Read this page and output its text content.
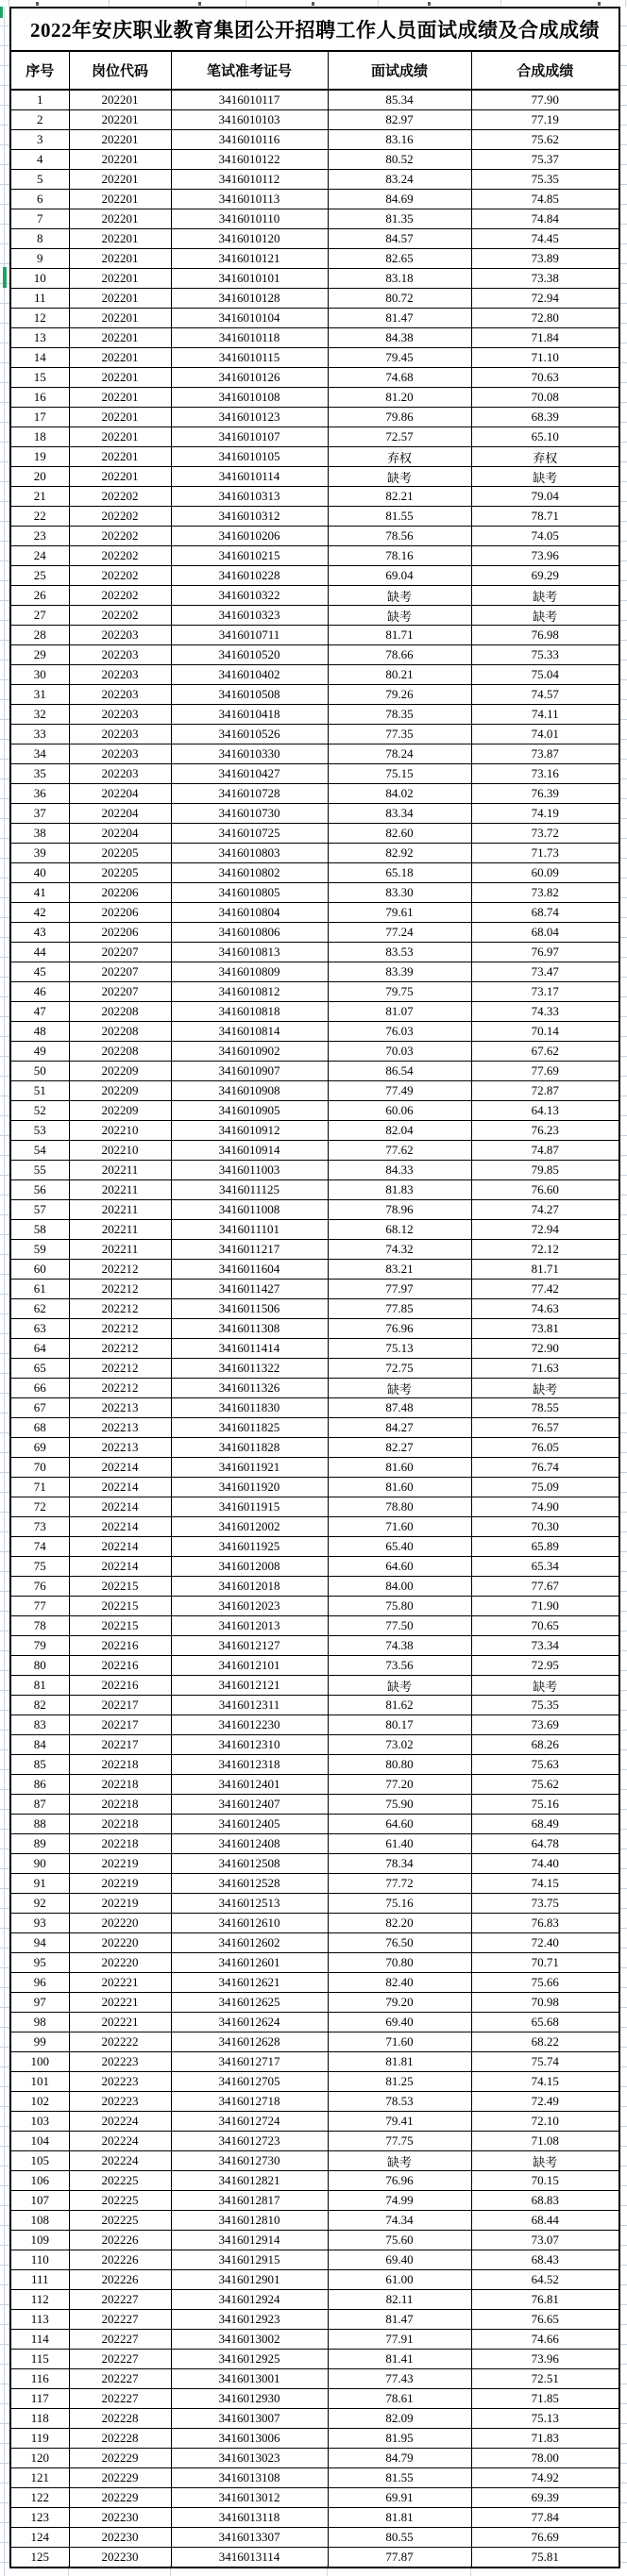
2022年安庆职业教育集团公开招聘工作人员面试成绩及合成成绩				
序号	岗位代码	笔试准考证号	面试成绩	合成成绩
1	202201	3416010117	85.34	77.90
2	202201	3416010103	82.97	77.19
3	202201	3416010116	83.16	75.62
4	202201	3416010122	80.52	75.37
5	202201	3416010112	83.24	75.35
6	202201	3416010113	84.69	74.85
7	202201	3416010110	81.35	74.84
8	202201	3416010120	84.57	74.45
9	202201	3416010121	82.65	73.89
10	202201	3416010101	83.18	73.38
11	202201	3416010128	80.72	72.94
12	202201	3416010104	81.47	72.80
13	202201	3416010118	84.38	71.84
14	202201	3416010115	79.45	71.10
15	202201	3416010126	74.68	70.63
16	202201	3416010108	81.20	70.08
17	202201	3416010123	79.86	68.39
18	202201	3416010107	72.57	65.10
19	202201	3416010105	弃权	弃权
20	202201	3416010114	缺考	缺考
21	202202	3416010313	82.21	79.04
22	202202	3416010312	81.55	78.71
23	202202	3416010206	78.56	74.05
24	202202	3416010215	78.16	73.96
25	202202	3416010228	69.04	69.29
26	202202	3416010322	缺考	缺考
27	202202	3416010323	缺考	缺考
28	202203	3416010711	81.71	76.98
29	202203	3416010520	78.66	75.33
30	202203	3416010402	80.21	75.04
31	202203	3416010508	79.26	74.57
32	202203	3416010418	78.35	74.11
33	202203	3416010526	77.35	74.01
34	202203	3416010330	78.24	73.87
35	202203	3416010427	75.15	73.16
36	202204	3416010728	84.02	76.39
37	202204	3416010730	83.34	74.19
38	202204	3416010725	82.60	73.72
39	202205	3416010803	82.92	71.73
40	202205	3416010802	65.18	60.09
41	202206	3416010805	83.30	73.82
42	202206	3416010804	79.61	68.74
43	202206	3416010806	77.24	68.04
44	202207	3416010813	83.53	76.97
45	202207	3416010809	83.39	73.47
46	202207	3416010812	79.75	73.17
47	202208	3416010818	81.07	74.33
48	202208	3416010814	76.03	70.14
49	202208	3416010902	70.03	67.62
50	202209	3416010907	86.54	77.69
51	202209	3416010908	77.49	72.87
52	202209	3416010905	60.06	64.13
53	202210	3416010912	82.04	76.23
54	202210	3416010914	77.62	74.87
55	202211	3416011003	84.33	79.85
56	202211	3416011125	81.83	76.60
57	202211	3416011008	78.96	74.27
58	202211	3416011101	68.12	72.94
59	202211	3416011217	74.32	72.12
60	202212	3416011604	83.21	81.71
61	202212	3416011427	77.97	77.42
62	202212	3416011506	77.85	74.63
63	202212	3416011308	76.96	73.81
64	202212	3416011414	75.13	72.90
65	202212	3416011322	72.75	71.63
66	202212	3416011326	缺考	缺考
67	202213	3416011830	87.48	78.55
68	202213	3416011825	84.27	76.57
69	202213	3416011828	82.27	76.05
70	202214	3416011921	81.60	76.74
71	202214	3416011920	81.60	75.09
72	202214	3416011915	78.80	74.90
73	202214	3416012002	71.60	70.30
74	202214	3416011925	65.40	65.89
75	202214	3416012008	64.60	65.34
76	202215	3416012018	84.00	77.67
77	202215	3416012023	75.80	71.90
78	202215	3416012013	77.50	70.65
79	202216	3416012127	74.38	73.34
80	202216	3416012101	73.56	72.95
81	202216	3416012121	缺考	缺考
82	202217	3416012311	81.62	75.35
83	202217	3416012230	80.17	73.69
84	202217	3416012310	73.02	68.26
85	202218	3416012318	80.80	75.63
86	202218	3416012401	77.20	75.62
87	202218	3416012407	75.90	75.16
88	202218	3416012405	64.60	68.49
89	202218	3416012408	61.40	64.78
90	202219	3416012508	78.34	74.40
91	202219	3416012528	77.72	74.15
92	202219	3416012513	75.16	73.75
93	202220	3416012610	82.20	76.83
94	202220	3416012602	76.50	72.40
95	202220	3416012601	70.80	70.71
96	202221	3416012621	82.40	75.66
97	202221	3416012625	79.20	70.98
98	202221	3416012624	69.40	65.68
99	202222	3416012628	71.60	68.22
100	202223	3416012717	81.81	75.74
101	202223	3416012705	81.25	74.15
102	202223	3416012718	78.53	72.49
103	202224	3416012724	79.41	72.10
104	202224	3416012723	77.75	71.08
105	202224	3416012730	缺考	缺考
106	202225	3416012821	76.96	70.15
107	202225	3416012817	74.99	68.83
108	202225	3416012810	74.34	68.44
109	202226	3416012914	75.60	73.07
110	202226	3416012915	69.40	68.43
111	202226	3416012901	61.00	64.52
112	202227	3416012924	82.11	76.81
113	202227	3416012923	81.47	76.65
114	202227	3416013002	77.91	74.66
115	202227	3416012925	81.41	73.96
116	202227	3416013001	77.43	72.51
117	202227	3416012930	78.61	71.85
118	202228	3416013007	82.09	75.13
119	202228	3416013006	81.95	71.83
120	202229	3416013023	84.79	78.00
121	202229	3416013108	81.55	74.92
122	202229	3416013012	69.91	69.39
123	202230	3416013118	81.81	77.84
124	202230	3416013307	80.55	76.69
125	202230	3416013114	77.87	75.81
